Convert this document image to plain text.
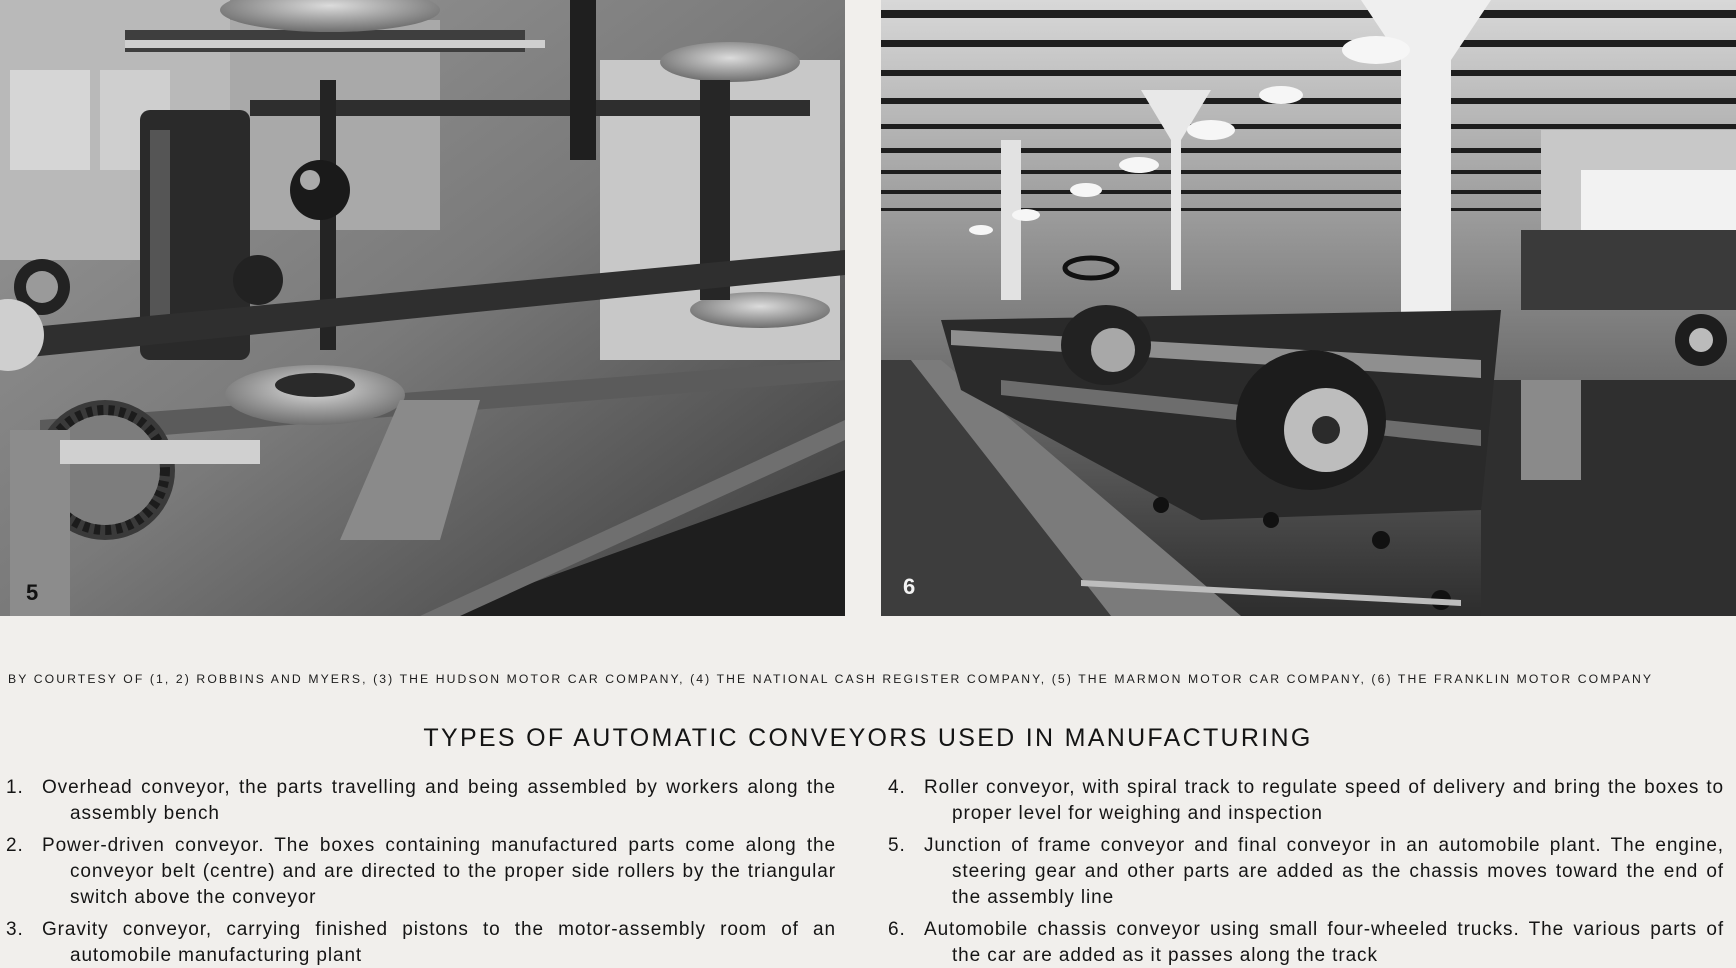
5	6
BY COURTESY OF (1, 2) ROBBINS AND MYERS, (3) THE HUDSON MOTOR CAR COMPANY, (4) THE NATIONAL CASH REGISTER COMPANY, (5) THE MARMON MOTOR CAR COMPANY, (6) THE FRANKLIN MOTOR COMPANY
TYPES OF AUTOMATIC CONVEYORS USED IN MANUFACTURING

1. Overhead conveyor, the parts travelling and being assembled by workers along the assembly bench

2. Power-driven conveyor. The boxes containing manufactured parts come along the conveyor belt (centre) and are directed to the proper side rollers by the triangular switch above the conveyor

3. Gravity conveyor, carrying finished pistons to the motor-assembly room of an automobile manufacturing plant

4. Roller conveyor, with spiral track to regulate speed of delivery and bring the boxes to proper level for weighing and inspection

5. Junction of frame conveyor and final conveyor in an automobile plant. The engine, steering gear and other parts are added as the chassis moves toward the end of the assembly line

6. Automobile chassis conveyor using small four-wheeled trucks. The various parts of the car are added as it passes along the track
